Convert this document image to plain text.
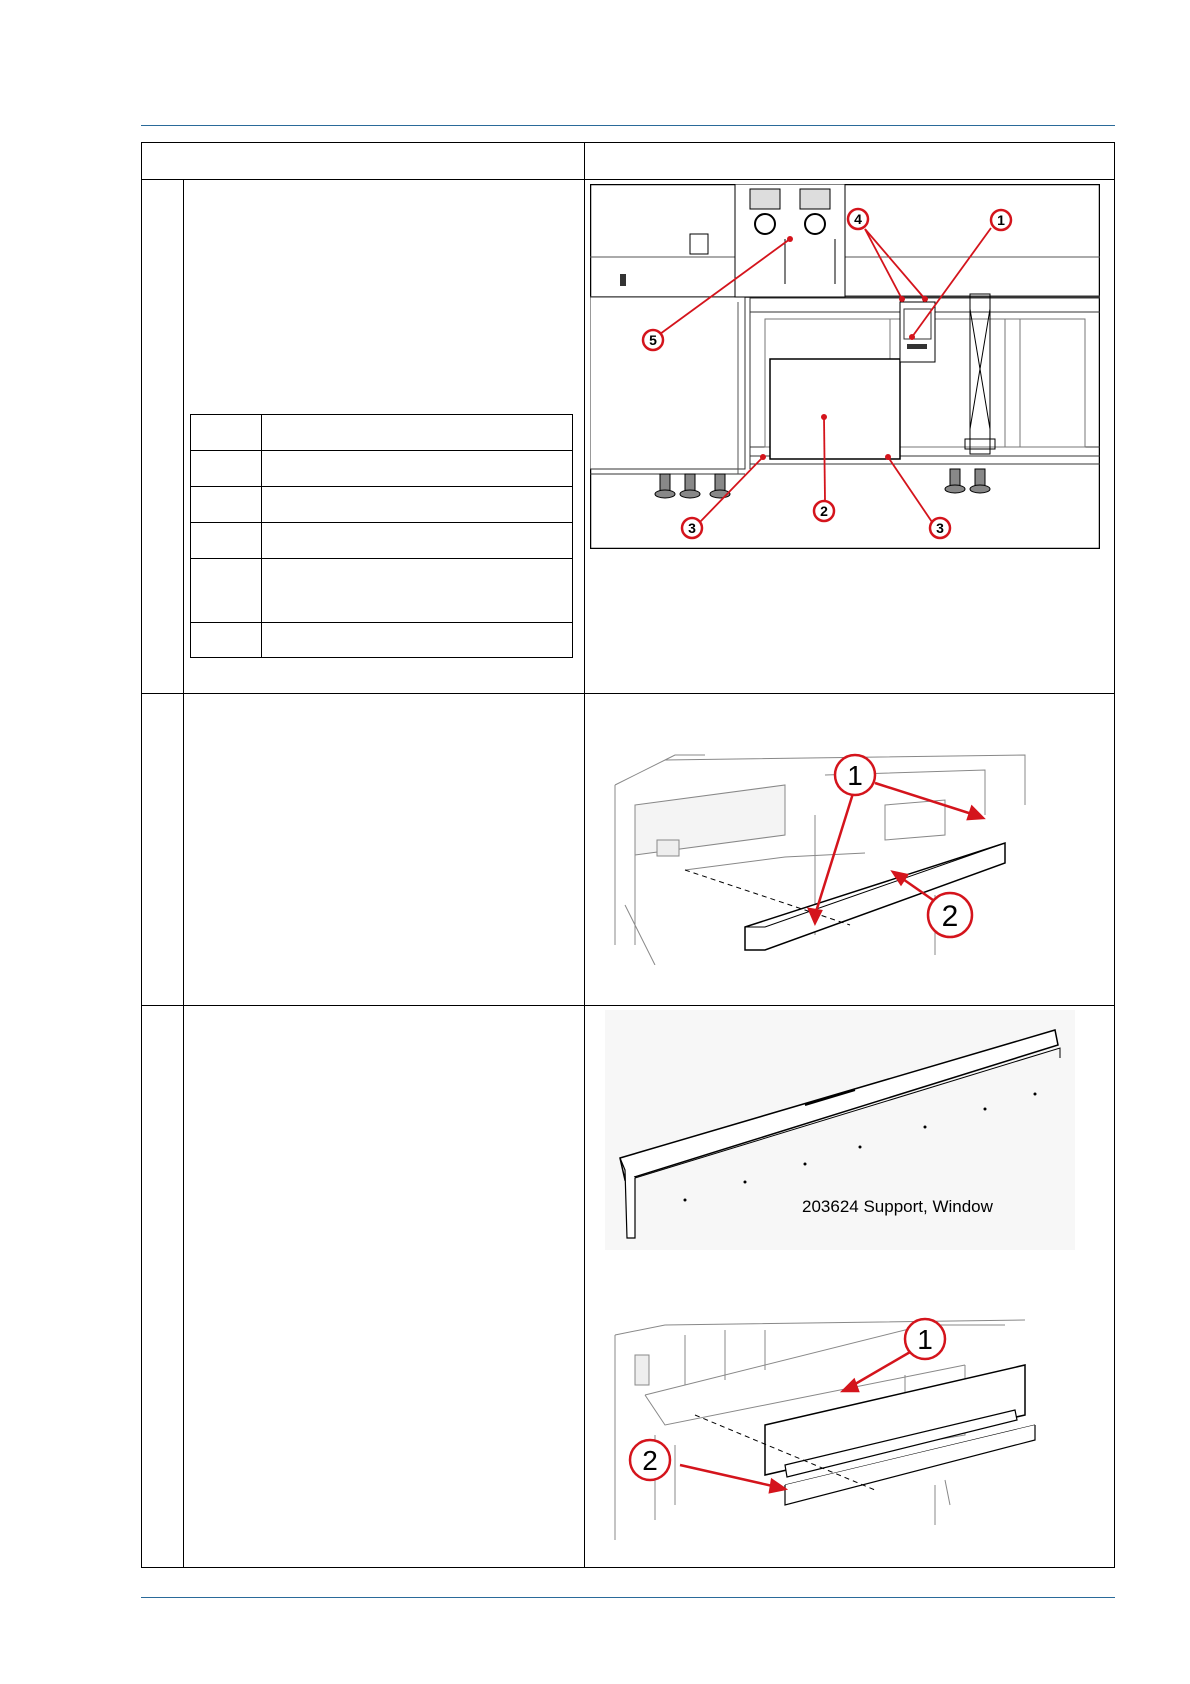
1
2
3	3
4
5
1
2
203624 Support, Window
1
2
